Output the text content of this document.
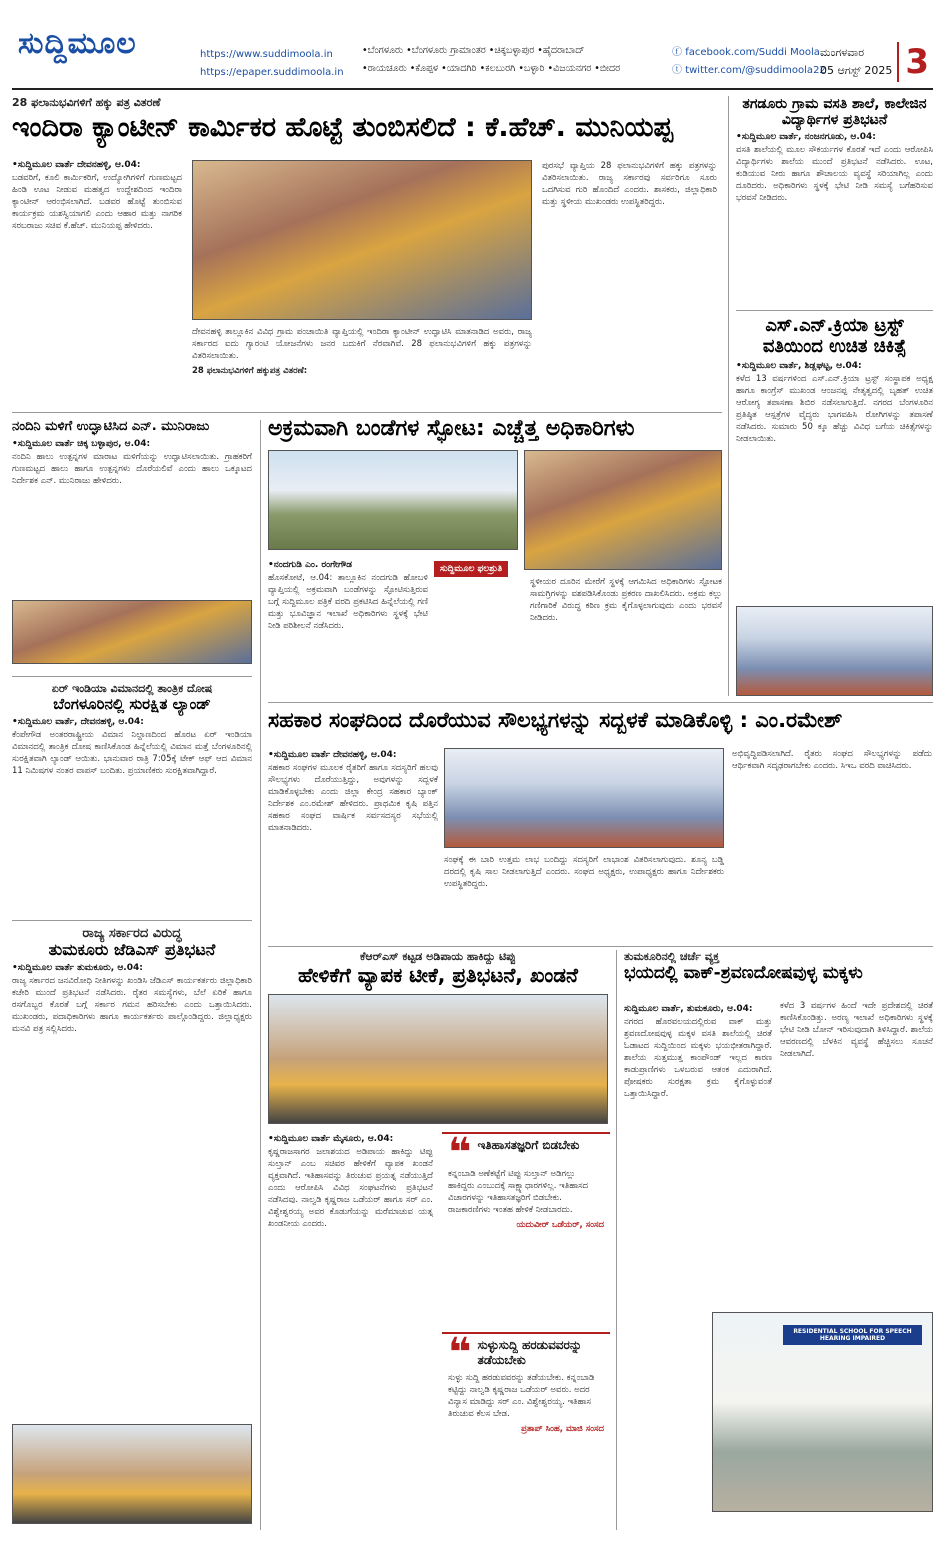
ಸುದ್ದಿಮೂಲ	https://www.suddimoola.in
https://epaper.suddimoola.in
•ಬೆಂಗಳೂರು •ಬೆಂಗಳೂರು ಗ್ರಾಮಾಂತರ •ಚಿಕ್ಕಬಳ್ಳಾಪುರ •ಹೈದರಾಬಾದ್
•ರಾಯಚೂರು •ಕೊಪ್ಪಳ •ಯಾದಗಿರಿ •ಕಲಬುರಗಿ •ಬಳ್ಳಾರಿ •ವಿಜಯನಗರ •ಬೀದರ
ⓕ facebook.com/Suddi Moola
ⓣ twitter.com/@suddimoola22
ಮಂಗಳವಾರ
05 ಆಗಸ್ಟ್ 2025 3
28 ಫಲಾನುಭವಿಗಳಿಗೆ ಹಕ್ಕು ಪತ್ರ ವಿತರಣೆ
ಇಂದಿರಾ ಕ್ಯಾಂಟೀನ್ ಕಾರ್ಮಿಕರ ಹೊಟ್ಟೆ ತುಂಬಿಸಲಿದೆ : ಕೆ.ಹೆಚ್. ಮುನಿಯಪ್ಪ
•ಸುದ್ದಿಮೂಲ ವಾರ್ತೆ ದೇವನಹಳ್ಳಿ, ಆ.04:
ಬಡವರಿಗೆ, ಕೂಲಿ ಕಾರ್ಮಿಕರಿಗೆ, ಉದ್ಯೋಗಿಗಳಿಗೆ ಗುಣಮಟ್ಟದ ಹಿಂಡಿ ಊಟ ನೀಡುವ ಮಹತ್ವದ ಉದ್ದೇಶದಿಂದ ಇಂದಿರಾ ಕ್ಯಾಂಟೀನ್ ಆರಂಭಿಸಲಾಗಿದೆ. ಬಡವರ ಹೊಟ್ಟೆ ತುಂಬಿಸುವ ಕಾರ್ಯಕ್ರಮ ಯಶಸ್ವಿಯಾಗಲಿ ಎಂದು ಆಹಾರ ಮತ್ತು ನಾಗರಿಕ ಸರಬರಾಜು ಸಚಿವ ಕೆ.ಹೆಚ್. ಮುನಿಯಪ್ಪ ಹೇಳಿದರು.
ದೇವನಹಳ್ಳಿ ತಾಲ್ಲೂಕಿನ ವಿವಿಧ ಗ್ರಾಮ ಪಂಚಾಯಿತಿ ವ್ಯಾಪ್ತಿಯಲ್ಲಿ ಇಂದಿರಾ ಕ್ಯಾಂಟೀನ್ ಉದ್ಘಾಟಿಸಿ ಮಾತನಾಡಿದ ಅವರು, ರಾಜ್ಯ ಸರ್ಕಾರದ ಐದು ಗ್ಯಾರಂಟಿ ಯೋಜನೆಗಳು ಜನರ ಬದುಕಿಗೆ ನೆರವಾಗಿವೆ. 28 ಫಲಾನುಭವಿಗಳಿಗೆ ಹಕ್ಕು ಪತ್ರಗಳನ್ನು ವಿತರಿಸಲಾಯಿತು.
28 ಫಲಾನುಭವಿಗಳಿಗೆ ಹಕ್ಕುಪತ್ರ ವಿತರಣೆ:
ಪುರಸಭೆ ವ್ಯಾಪ್ತಿಯ 28 ಫಲಾನುಭವಿಗಳಿಗೆ ಹಕ್ಕು ಪತ್ರಗಳನ್ನು ವಿತರಿಸಲಾಯಿತು. ರಾಜ್ಯ ಸರ್ಕಾರವು ಸರ್ವರಿಗೂ ಸೂರು ಒದಗಿಸುವ ಗುರಿ ಹೊಂದಿದೆ ಎಂದರು. ಶಾಸಕರು, ಜಿಲ್ಲಾಧಿಕಾರಿ ಮತ್ತು ಸ್ಥಳೀಯ ಮುಖಂಡರು ಉಪಸ್ಥಿತರಿದ್ದರು.
ತಗಡೂರು ಗ್ರಾಮ ವಸತಿ ಶಾಲೆ, ಕಾಲೇಜಿನ ವಿದ್ಯಾರ್ಥಿಗಳ ಪ್ರತಿಭಟನೆ
•ಸುದ್ದಿಮೂಲ ವಾರ್ತೆ, ನಂಜನಗೂಡು, ಆ.04:
ವಸತಿ ಶಾಲೆಯಲ್ಲಿ ಮೂಲ ಸೌಕರ್ಯಗಳ ಕೊರತೆ ಇದೆ ಎಂದು ಆರೋಪಿಸಿ ವಿದ್ಯಾರ್ಥಿಗಳು ಶಾಲೆಯ ಮುಂದೆ ಪ್ರತಿಭಟನೆ ನಡೆಸಿದರು. ಊಟ, ಕುಡಿಯುವ ನೀರು ಹಾಗೂ ಶೌಚಾಲಯ ವ್ಯವಸ್ಥೆ ಸರಿಯಾಗಿಲ್ಲ ಎಂದು ದೂರಿದರು. ಅಧಿಕಾರಿಗಳು ಸ್ಥಳಕ್ಕೆ ಭೇಟಿ ನೀಡಿ ಸಮಸ್ಯೆ ಬಗೆಹರಿಸುವ ಭರವಸೆ ನೀಡಿದರು.
ಎಸ್.ಎನ್.ಕ್ರಿಯಾ ಟ್ರಸ್ಟ್ ವತಿಯಿಂದ ಉಚಿತ ಚಿಕಿತ್ಸೆ
•ಸುದ್ದಿಮೂಲ ವಾರ್ತೆ, ಶಿಡ್ಲಘಟ್ಟ, ಆ.04:
ಕಳೆದ 13 ವರ್ಷಗಳಿಂದ ಎಸ್.ಎನ್.ಕ್ರಿಯಾ ಟ್ರಸ್ಟ್ ಸಂಸ್ಥಾಪಕ ಅಧ್ಯಕ್ಷ ಹಾಗೂ ಕಾಂಗ್ರೆಸ್ ಮುಖಂಡ ಆಂಜನಪ್ಪ ನೇತೃತ್ವದಲ್ಲಿ ಬೃಹತ್ ಉಚಿತ ಆರೋಗ್ಯ ತಪಾಸಣಾ ಶಿಬಿರ ನಡೆಸಲಾಗುತ್ತಿದೆ. ನಗರದ ಬೆಂಗಳೂರಿನ ಪ್ರತಿಷ್ಠಿತ ಆಸ್ಪತ್ರೆಗಳ ವೈದ್ಯರು ಭಾಗವಹಿಸಿ ರೋಗಿಗಳನ್ನು ತಪಾಸಣೆ ನಡೆಸಿದರು. ಸುಮಾರು 50 ಕ್ಕೂ ಹೆಚ್ಚು ವಿವಿಧ ಬಗೆಯ ಚಿಕಿತ್ಸೆಗಳನ್ನು ನೀಡಲಾಯಿತು.
ನಂದಿನಿ ಮಳಿಗೆ ಉದ್ಘಾಟಿಸಿದ ಎನ್. ಮುನಿರಾಜು
•ಸುದ್ದಿಮೂಲ ವಾರ್ತೆ ಚಿಕ್ಕ ಬಳ್ಳಾಪುರ, ಆ.04:
ನಂದಿನಿ ಹಾಲು ಉತ್ಪನ್ನಗಳ ಮಾರಾಟ ಮಳಿಗೆಯನ್ನು ಉದ್ಘಾಟಿಸಲಾಯಿತು. ಗ್ರಾಹಕರಿಗೆ ಗುಣಮಟ್ಟದ ಹಾಲು ಹಾಗೂ ಉತ್ಪನ್ನಗಳು ದೊರೆಯಲಿವೆ ಎಂದು ಹಾಲು ಒಕ್ಕೂಟದ ನಿರ್ದೇಶಕ ಎನ್. ಮುನಿರಾಜು ಹೇಳಿದರು.
ಅಕ್ರಮವಾಗಿ ಬಂಡೆಗಳ ಸ್ಫೋಟ: ಎಚ್ಚೆತ್ತ ಅಧಿಕಾರಿಗಳು
•ನಂದಗುಡಿ ಎಂ. ರಂಗೇಗೌಡ
ಹೊಸಕೋಟೆ, ಆ.04: ತಾಲ್ಲೂಕಿನ ನಂದಗುಡಿ ಹೋಬಳಿ ವ್ಯಾಪ್ತಿಯಲ್ಲಿ ಅಕ್ರಮವಾಗಿ ಬಂಡೆಗಳನ್ನು ಸ್ಫೋಟಿಸುತ್ತಿರುವ ಬಗ್ಗೆ ಸುದ್ದಿಮೂಲ ಪತ್ರಿಕೆ ವರದಿ ಪ್ರಕಟಿಸಿದ ಹಿನ್ನೆಲೆಯಲ್ಲಿ ಗಣಿ ಮತ್ತು ಭೂವಿಜ್ಞಾನ ಇಲಾಖೆ ಅಧಿಕಾರಿಗಳು ಸ್ಥಳಕ್ಕೆ ಭೇಟಿ ನೀಡಿ ಪರಿಶೀಲನೆ ನಡೆಸಿದರು.
ಸುದ್ದಿಮೂಲ ಫಲಶ್ರುತಿ
ಸ್ಥಳೀಯರ ದೂರಿನ ಮೇರೆಗೆ ಸ್ಥಳಕ್ಕೆ ಆಗಮಿಸಿದ ಅಧಿಕಾರಿಗಳು ಸ್ಫೋಟಕ ಸಾಮಗ್ರಿಗಳನ್ನು ವಶಪಡಿಸಿಕೊಂಡು ಪ್ರಕರಣ ದಾಖಲಿಸಿದರು. ಅಕ್ರಮ ಕಲ್ಲು ಗಣಿಗಾರಿಕೆ ವಿರುದ್ಧ ಕಠಿಣ ಕ್ರಮ ಕೈಗೊಳ್ಳಲಾಗುವುದು ಎಂದು ಭರವಸೆ ನೀಡಿದರು.
ಏರ್ ಇಂಡಿಯಾ ವಿಮಾನದಲ್ಲಿ ತಾಂತ್ರಿಕ ದೋಷ
ಬೆಂಗಳೂರಿನಲ್ಲಿ ಸುರಕ್ಷಿತ ಲ್ಯಾಂಡ್
•ಸುದ್ದಿಮೂಲ ವಾರ್ತೆ, ದೇವನಹಳ್ಳಿ, ಆ.04:
ಕೆಂಪೇಗೌಡ ಅಂತರರಾಷ್ಟ್ರೀಯ ವಿಮಾನ ನಿಲ್ದಾಣದಿಂದ ಹೊರಟ ಏರ್ ಇಂಡಿಯಾ ವಿಮಾನದಲ್ಲಿ ತಾಂತ್ರಿಕ ದೋಷ ಕಾಣಿಸಿಕೊಂಡ ಹಿನ್ನೆಲೆಯಲ್ಲಿ ವಿಮಾನ ಮತ್ತೆ ಬೆಂಗಳೂರಿನಲ್ಲಿ ಸುರಕ್ಷಿತವಾಗಿ ಲ್ಯಾಂಡ್ ಆಯಿತು. ಭಾನುವಾರ ರಾತ್ರಿ 7:05ಕ್ಕೆ ಟೇಕ್ ಆಫ್ ಆದ ವಿಮಾನ 11 ನಿಮಿಷಗಳ ನಂತರ ವಾಪಸ್ ಬಂದಿತು. ಪ್ರಯಾಣಿಕರು ಸುರಕ್ಷಿತವಾಗಿದ್ದಾರೆ.
ಸಹಕಾರ ಸಂಘದಿಂದ ದೊರೆಯುವ ಸೌಲಭ್ಯಗಳನ್ನು ಸದ್ಬಳಕೆ ಮಾಡಿಕೊಳ್ಳಿ : ಎಂ.ರಮೇಶ್
•ಸುದ್ದಿಮೂಲ ವಾರ್ತೆ ದೇವನಹಳ್ಳಿ, ಆ.04:
ಸಹಕಾರ ಸಂಘಗಳ ಮೂಲಕ ರೈತರಿಗೆ ಹಾಗೂ ಸದಸ್ಯರಿಗೆ ಹಲವು ಸೌಲಭ್ಯಗಳು ದೊರೆಯುತ್ತಿದ್ದು, ಅವುಗಳನ್ನು ಸದ್ಬಳಕೆ ಮಾಡಿಕೊಳ್ಳಬೇಕು ಎಂದು ಜಿಲ್ಲಾ ಕೇಂದ್ರ ಸಹಕಾರ ಬ್ಯಾಂಕ್ ನಿರ್ದೇಶಕ ಎಂ.ರಮೇಶ್ ಹೇಳಿದರು. ಪ್ರಾಥಮಿಕ ಕೃಷಿ ಪತ್ತಿನ ಸಹಕಾರ ಸಂಘದ ವಾರ್ಷಿಕ ಸರ್ವಸದಸ್ಯರ ಸಭೆಯಲ್ಲಿ ಮಾತನಾಡಿದರು.
ಸಂಘಕ್ಕೆ ಈ ಬಾರಿ ಉತ್ತಮ ಲಾಭ ಬಂದಿದ್ದು ಸದಸ್ಯರಿಗೆ ಲಾಭಾಂಶ ವಿತರಿಸಲಾಗುವುದು. ಶೂನ್ಯ ಬಡ್ಡಿ ದರದಲ್ಲಿ ಕೃಷಿ ಸಾಲ ನೀಡಲಾಗುತ್ತಿದೆ ಎಂದರು. ಸಂಘದ ಅಧ್ಯಕ್ಷರು, ಉಪಾಧ್ಯಕ್ಷರು ಹಾಗೂ ನಿರ್ದೇಶಕರು ಉಪಸ್ಥಿತರಿದ್ದರು.
ಅಭಿವೃದ್ಧಿಪಡಿಸಲಾಗಿದೆ. ರೈತರು ಸಂಘದ ಸೌಲಭ್ಯಗಳನ್ನು ಪಡೆದು ಆರ್ಥಿಕವಾಗಿ ಸದೃಢರಾಗಬೇಕು ಎಂದರು. ಸಿಇಒ ವರದಿ ವಾಚಿಸಿದರು.
ರಾಜ್ಯ ಸರ್ಕಾರದ ವಿರುದ್ಧ
ತುಮಕೂರು ಜೆಡಿಎಸ್ ಪ್ರತಿಭಟನೆ
•ಸುದ್ದಿಮೂಲ ವಾರ್ತೆ ತುಮಕೂರು, ಆ.04:
ರಾಜ್ಯ ಸರ್ಕಾರದ ಜನವಿರೋಧಿ ನೀತಿಗಳನ್ನು ಖಂಡಿಸಿ ಜೆಡಿಎಸ್ ಕಾರ್ಯಕರ್ತರು ಜಿಲ್ಲಾಧಿಕಾರಿ ಕಚೇರಿ ಮುಂದೆ ಪ್ರತಿಭಟನೆ ನಡೆಸಿದರು. ರೈತರ ಸಮಸ್ಯೆಗಳು, ಬೆಲೆ ಏರಿಕೆ ಹಾಗೂ ರಸಗೊಬ್ಬರ ಕೊರತೆ ಬಗ್ಗೆ ಸರ್ಕಾರ ಗಮನ ಹರಿಸಬೇಕು ಎಂದು ಒತ್ತಾಯಿಸಿದರು. ಮುಖಂಡರು, ಪದಾಧಿಕಾರಿಗಳು ಹಾಗೂ ಕಾರ್ಯಕರ್ತರು ಪಾಲ್ಗೊಂಡಿದ್ದರು. ಜಿಲ್ಲಾಧ್ಯಕ್ಷರು ಮನವಿ ಪತ್ರ ಸಲ್ಲಿಸಿದರು.
ಕೆಆರ್‌ಎಸ್ ಕಟ್ಟಡ ಅಡಿಪಾಯ ಹಾಕಿದ್ದು ಟಿಪ್ಪು
ಹೇಳಿಕೆಗೆ ವ್ಯಾಪಕ ಟೀಕೆ, ಪ್ರತಿಭಟನೆ, ಖಂಡನೆ
•ಸುದ್ದಿಮೂಲ ವಾರ್ತೆ ಮೈಸೂರು, ಆ.04:
ಕೃಷ್ಣರಾಜಸಾಗರ ಜಲಾಶಯದ ಅಡಿಪಾಯ ಹಾಕಿದ್ದು ಟಿಪ್ಪು ಸುಲ್ತಾನ್ ಎಂಬ ಸಚಿವರ ಹೇಳಿಕೆಗೆ ವ್ಯಾಪಕ ಖಂಡನೆ ವ್ಯಕ್ತವಾಗಿದೆ. ಇತಿಹಾಸವನ್ನು ತಿರುಚುವ ಪ್ರಯತ್ನ ನಡೆಯುತ್ತಿದೆ ಎಂದು ಆರೋಪಿಸಿ ವಿವಿಧ ಸಂಘಟನೆಗಳು ಪ್ರತಿಭಟನೆ ನಡೆಸಿದವು. ನಾಲ್ವಡಿ ಕೃಷ್ಣರಾಜ ಒಡೆಯರ್ ಹಾಗೂ ಸರ್ ಎಂ. ವಿಶ್ವೇಶ್ವರಯ್ಯ ಅವರ ಕೊಡುಗೆಯನ್ನು ಮರೆಮಾಚುವ ಯತ್ನ ಖಂಡನೀಯ ಎಂದರು.
❝ ಇತಿಹಾಸತಜ್ಞರಿಗೆ ಬಿಡಬೇಕು
ಕನ್ನಂಬಾಡಿ ಅಣೆಕಟ್ಟೆಗೆ ಟಿಪ್ಪು ಸುಲ್ತಾನ್ ಅಡಿಗಲ್ಲು ಹಾಕಿದ್ದರು ಎಂಬುದಕ್ಕೆ ಸಾಕ್ಷ್ಯಾಧಾರಗಳಿಲ್ಲ. ಇತಿಹಾಸದ ವಿಚಾರಗಳನ್ನು ಇತಿಹಾಸತಜ್ಞರಿಗೆ ಬಿಡಬೇಕು. ರಾಜಕಾರಣಿಗಳು ಇಂತಹ ಹೇಳಿಕೆ ನೀಡಬಾರದು.
ಯದುವೀರ್ ಒಡೆಯರ್, ಸಂಸದ
❝ ಸುಳ್ಳುಸುದ್ದಿ ಹರಡುವವರನ್ನು ತಡೆಯಬೇಕು
ಸುಳ್ಳು ಸುದ್ದಿ ಹರಡುವವರನ್ನು ತಡೆಯಬೇಕು. ಕನ್ನಂಬಾಡಿ ಕಟ್ಟಿದ್ದು ನಾಲ್ವಡಿ ಕೃಷ್ಣರಾಜ ಒಡೆಯರ್ ಅವರು. ಅದರ ವಿನ್ಯಾಸ ಮಾಡಿದ್ದು ಸರ್ ಎಂ. ವಿಶ್ವೇಶ್ವರಯ್ಯ. ಇತಿಹಾಸ ತಿರುಚುವ ಕೆಲಸ ಬೇಡ.
ಪ್ರತಾಪ್ ಸಿಂಹ, ಮಾಜಿ ಸಂಸದ
ತುಮಕೂರಿನಲ್ಲಿ ಚರ್ಚೆ ವ್ಯಕ್ತ
ಭಯದಲ್ಲಿ ವಾಕ್-ಶ್ರವಣದೋಷವುಳ್ಳ ಮಕ್ಕಳು
ಸುದ್ದಿಮೂಲ ವಾರ್ತೆ, ತುಮಕೂರು, ಆ.04:
ನಗರದ ಹೊರವಲಯದಲ್ಲಿರುವ ವಾಕ್ ಮತ್ತು ಶ್ರವಣದೋಷವುಳ್ಳ ಮಕ್ಕಳ ವಸತಿ ಶಾಲೆಯಲ್ಲಿ ಚಿರತೆ ಓಡಾಟದ ಸುದ್ದಿಯಿಂದ ಮಕ್ಕಳು ಭಯಭೀತರಾಗಿದ್ದಾರೆ. ಶಾಲೆಯ ಸುತ್ತಮುತ್ತ ಕಾಂಪೌಂಡ್ ಇಲ್ಲದ ಕಾರಣ ಕಾಡುಪ್ರಾಣಿಗಳು ಒಳಬರುವ ಆತಂಕ ಎದುರಾಗಿದೆ. ಪೋಷಕರು ಸುರಕ್ಷತಾ ಕ್ರಮ ಕೈಗೊಳ್ಳುವಂತೆ ಒತ್ತಾಯಿಸಿದ್ದಾರೆ.
ಕಳೆದ 3 ವರ್ಷಗಳ ಹಿಂದೆ ಇದೇ ಪ್ರದೇಶದಲ್ಲಿ ಚಿರತೆ ಕಾಣಿಸಿಕೊಂಡಿತ್ತು. ಅರಣ್ಯ ಇಲಾಖೆ ಅಧಿಕಾರಿಗಳು ಸ್ಥಳಕ್ಕೆ ಭೇಟಿ ನೀಡಿ ಬೋನ್ ಇರಿಸುವುದಾಗಿ ತಿಳಿಸಿದ್ದಾರೆ. ಶಾಲೆಯ ಆವರಣದಲ್ಲಿ ಬೆಳಕಿನ ವ್ಯವಸ್ಥೆ ಹೆಚ್ಚಿಸಲು ಸೂಚನೆ ನೀಡಲಾಗಿದೆ.
RESIDENTIAL SCHOOL FOR SPEECH HEARING IMPAIRED
